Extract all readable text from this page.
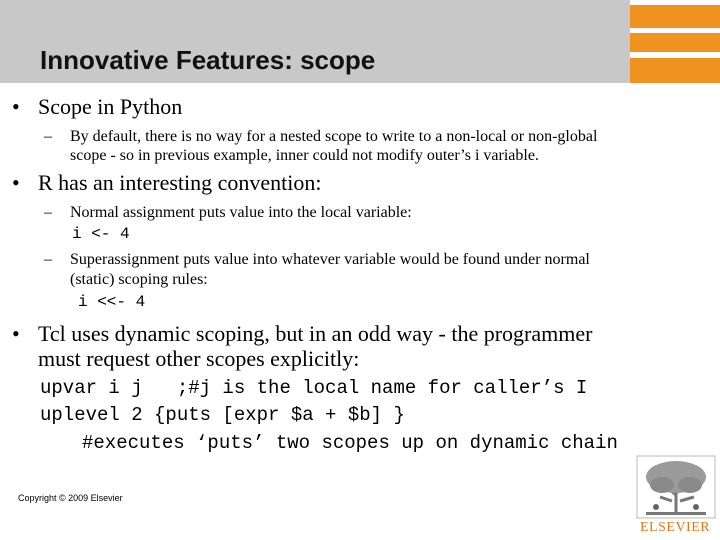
Innovative Features: scope
• Scope in Python
– By default, there is no way for a nested scope to write to a non-local or non-global
scope - so in previous example, inner could not modify outer’s i variable.
• R has an interesting convention:
– Normal assignment puts value into the local variable:
i <- 4
– Superassignment puts value into whatever variable would be found under normal
(static) scoping rules:
i <<- 4
• Tcl uses dynamic scoping, but in an odd way - the programmer
must request other scopes explicitly:
upvar i j   ;#j is the local name for caller’s I
uplevel 2 {puts [expr $a + $b] }
#executes ‘puts’ two scopes up on dynamic chain
Copyright © 2009 Elsevier
ELSEVIER
